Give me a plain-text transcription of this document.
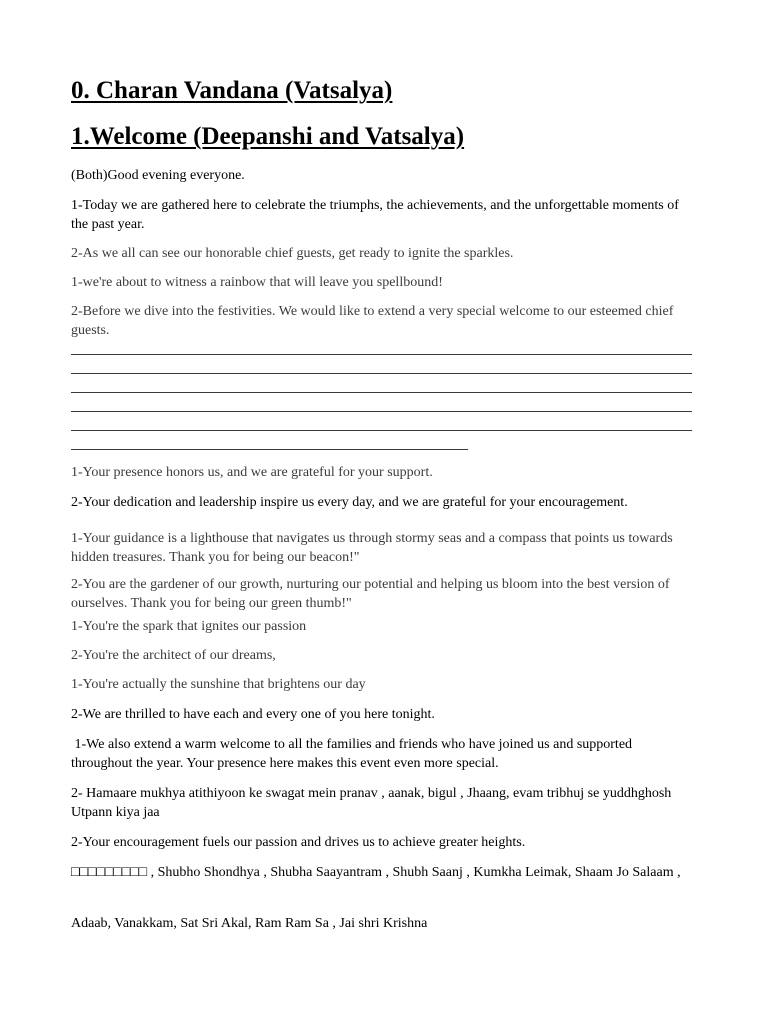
0. Charan Vandana (Vatsalya)
1.Welcome (Deepanshi and Vatsalya)
(Both)Good evening everyone.
1-Today we are gathered here to celebrate the triumphs, the achievements, and the unforgettable moments of the past year.
2-As we all can see our honorable chief guests, get ready to ignite the sparkles.
1-we're about to witness a rainbow that will leave you spellbound!
2-Before we dive into the festivities. We would like to extend a very special welcome to our esteemed chief guests.
1-Your presence honors us, and we are grateful for your support.
2-Your dedication and leadership inspire us every day, and we are grateful for your encouragement.
1-Your guidance is a lighthouse that navigates us through stormy seas and a compass that points us towards hidden treasures. Thank you for being our beacon!"
2-You are the gardener of our growth, nurturing our potential and helping us bloom into the best version of ourselves. Thank you for being our green thumb!"
1-You're the spark that ignites our passion
2-You're the architect of our dreams,
1-You're actually the sunshine that brightens our day
2-We are thrilled to have each and every one of you here tonight.
1-We also extend a warm welcome to all the families and friends who have joined us and supported throughout the year. Your presence here makes this event even more special.
2- Hamaare mukhya atithiyoon ke swagat mein pranav , aanak, bigul , Jhaang, evam tribhuj se yuddhghosh Utpann kiya jaa
2-Your encouragement fuels our passion and drives us to achieve greater heights.
□□□□□□□□□ , Shubho Shondhya , Shubha Saayantram , Shubh Saanj , Kumkha Leimak, Shaam Jo Salaam ,
Adaab, Vanakkam, Sat Sri Akal, Ram Ram Sa , Jai shri Krishna
